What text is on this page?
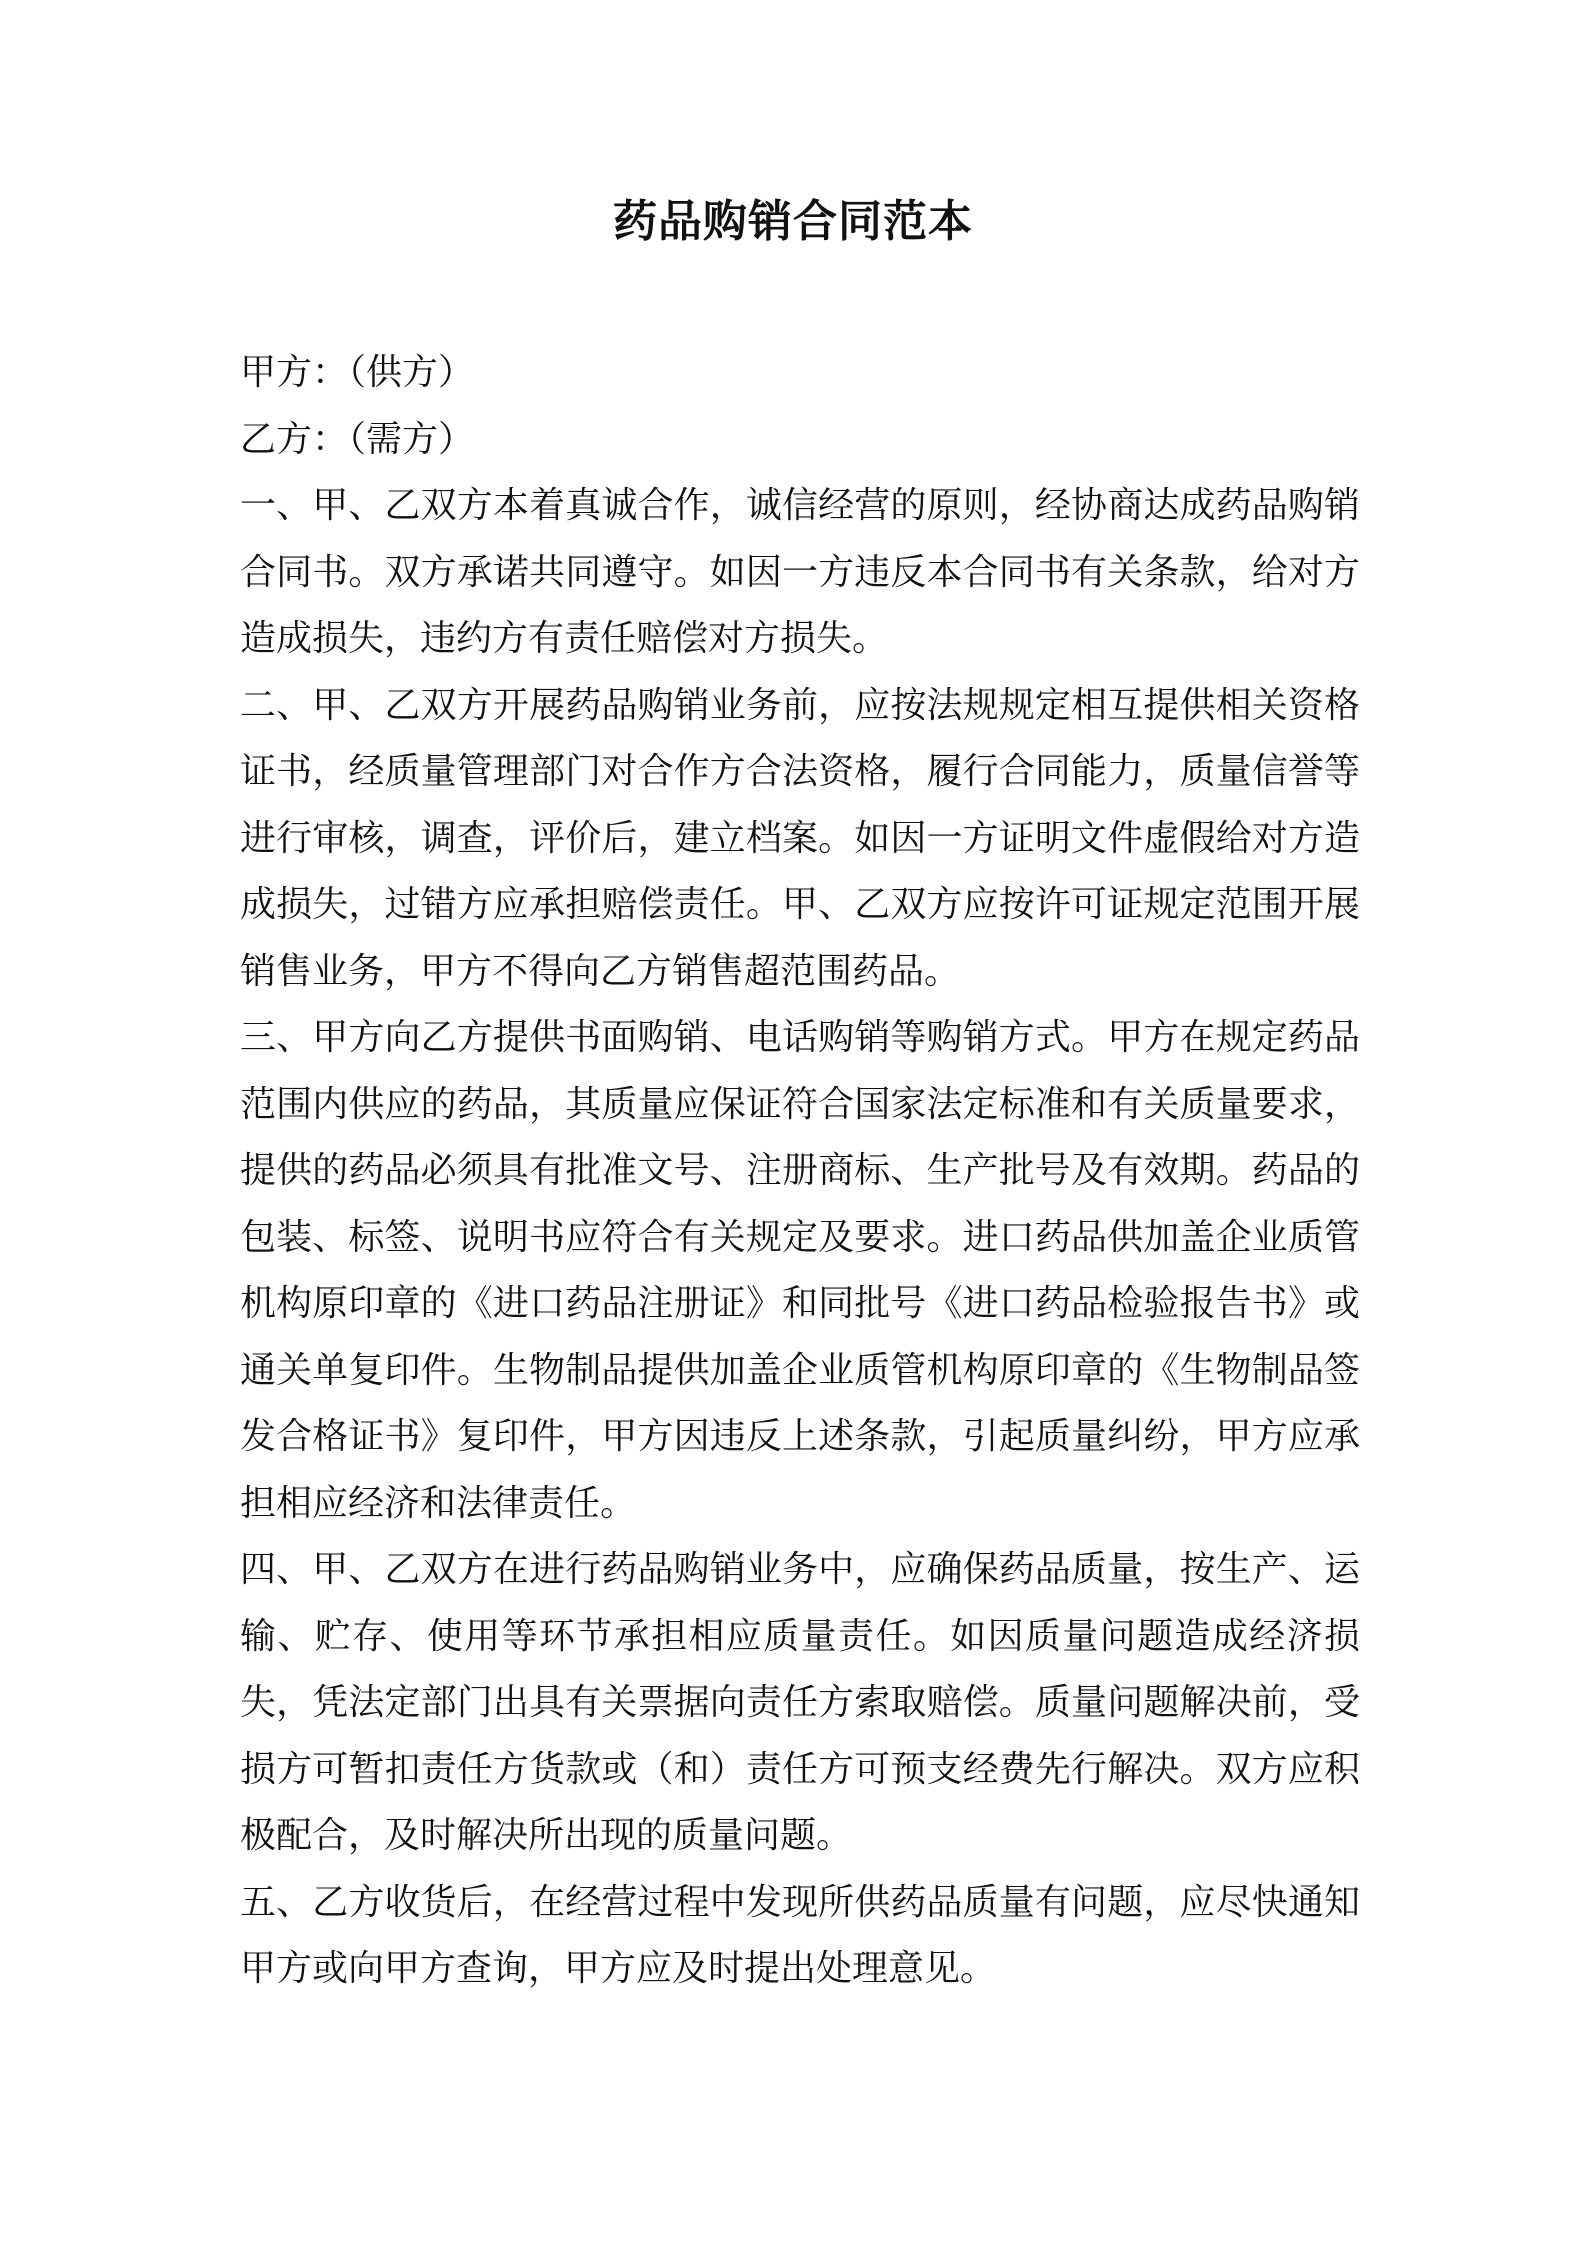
药品购销合同范本

甲方：（供方）

乙方：（需方）

一、甲、乙双方本着真诚合作，诚信经营的原则，经协商达成药品购销合同书。双方承诺共同遵守。如因一方违反本合同书有关条款，给对方造成损失，违约方有责任赔偿对方损失。

二、甲、乙双方开展药品购销业务前，应按法规规定相互提供相关资格证书，经质量管理部门对合作方合法资格，履行合同能力，质量信誉等进行审核，调查，评价后，建立档案。如因一方证明文件虚假给对方造成损失，过错方应承担赔偿责任。甲、乙双方应按许可证规定范围开展销售业务，甲方不得向乙方销售超范围药品。

三、甲方向乙方提供书面购销、电话购销等购销方式。甲方在规定药品范围内供应的药品，其质量应保证符合国家法定标准和有关质量要求，提供的药品必须具有批准文号、注册商标、生产批号及有效期。药品的包装、标签、说明书应符合有关规定及要求。进口药品供加盖企业质管机构原印章的《进口药品注册证》和同批号《进口药品检验报告书》或通关单复印件。生物制品提供加盖企业质管机构原印章的《生物制品签发合格证书》复印件，甲方因违反上述条款，引起质量纠纷，甲方应承担相应经济和法律责任。

四、甲、乙双方在进行药品购销业务中，应确保药品质量，按生产、运输、贮存、使用等环节承担相应质量责任。如因质量问题造成经济损失，凭法定部门出具有关票据向责任方索取赔偿。质量问题解决前，受损方可暂扣责任方货款或（和）责任方可预支经费先行解决。双方应积极配合，及时解决所出现的质量问题。

五、乙方收货后，在经营过程中发现所供药品质量有问题，应尽快通知甲方或向甲方查询，甲方应及时提出处理意见。
